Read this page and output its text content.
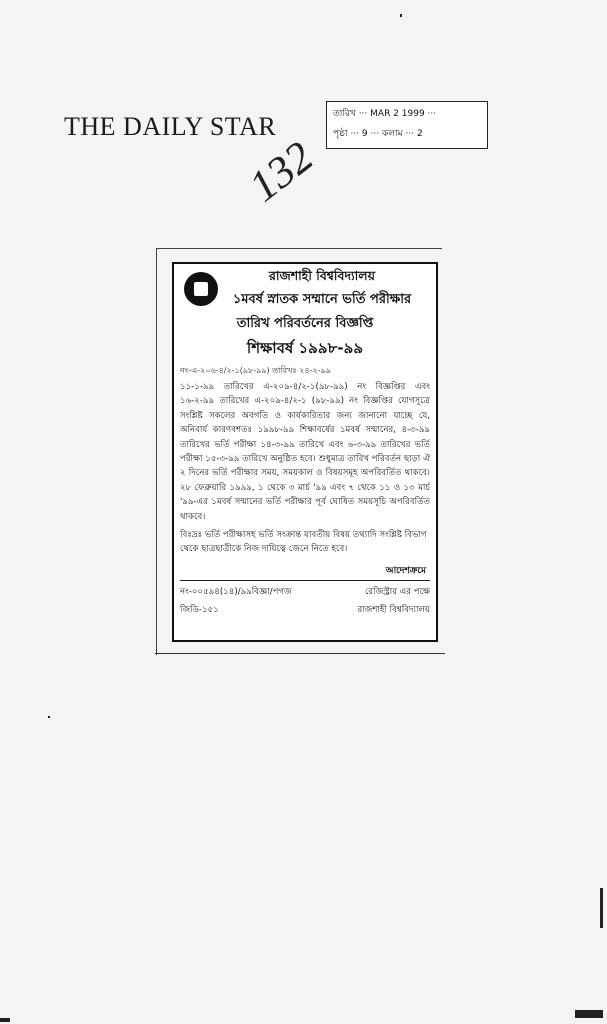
THE DAILY STAR	তারিখ ··· MAR 2 1999 ···
পৃষ্ঠা ··· 9 ··· কলাম ··· 2
132
রাজশাহী বিশ্ববিদ্যালয়
১মবর্ষ স্নাতক সম্মানে ভর্তি পরীক্ষার
তারিখ পরিবর্তনের বিজ্ঞপ্তি
শিক্ষাবর্ষ ১৯৯৮-৯৯
নং-এ-২০৬-৪/২-১(৯৮-৯৯) তারিখঃ ২৪-২-৯৯
১১-১-৯৯ তারিখের এ-২০৯-৪/২-১(৯৮-৯৯) নং বিজ্ঞপ্তির এবং ১৬-২-৯৯ তারিখের এ-২০৯-৪/২-১ (৯৮-৯৯) নং বিজ্ঞপ্তির যোগসূত্রে সংশ্লিষ্ট সকলের অবগতি ও কার্যকারিতার জন্য জানানো যাচ্ছে যে, অনিবার্য কারণবশতঃ ১৯৯৮-৯৯ শিক্ষাবর্ষের ১মবর্ষ সম্মানের, ৪-৩-৯৯ তারিখের ভর্তি পরীক্ষা ১৪-৩-৯৯ তারিখে এবং ৬-৩-৯৯ তারিখের ভর্তি পরীক্ষা ১৫-৩-৯৯ তারিখে অনুষ্ঠিত হবে। শুধুমাত্র তারিখ পরিবর্তন ছাড়া ঐ ২ দিনের ভর্তি পরীক্ষার সময়, সময়কাল ও বিষয়সমূহ অপরিবর্তিত থাকবে। ২৮ ফেব্রুয়ারি ১৯৯৯, ১ থেকে ৩ মার্চ '৯৯ এবং ৭ থেকে ১১ ও ১৩ মার্চ '৯৯-এর ১মবর্ষ সম্মানের ভর্তি পরীক্ষার পূর্ব ঘোষিত সময়সূচি অপরিবর্তিত থাকবে।
বিঃদ্রঃ ভর্তি পরীক্ষাসহ ভর্তি সংক্রান্ত যাবতীয় বিষয় তথ্যাদি সংশ্লিষ্ট বিভাগ থেকে ছাত্রছাত্রীকে নিজ দায়িত্বে জেনে নিতে হবে।
আদেশক্রমে
নং-০০৫৯৪(১৪)/৯৯বিজ্ঞা/পগজ	রেজিস্ট্রার এর পক্ষে
জিডি-১৫১	রাজশাহী বিশ্ববিদ্যালয়
